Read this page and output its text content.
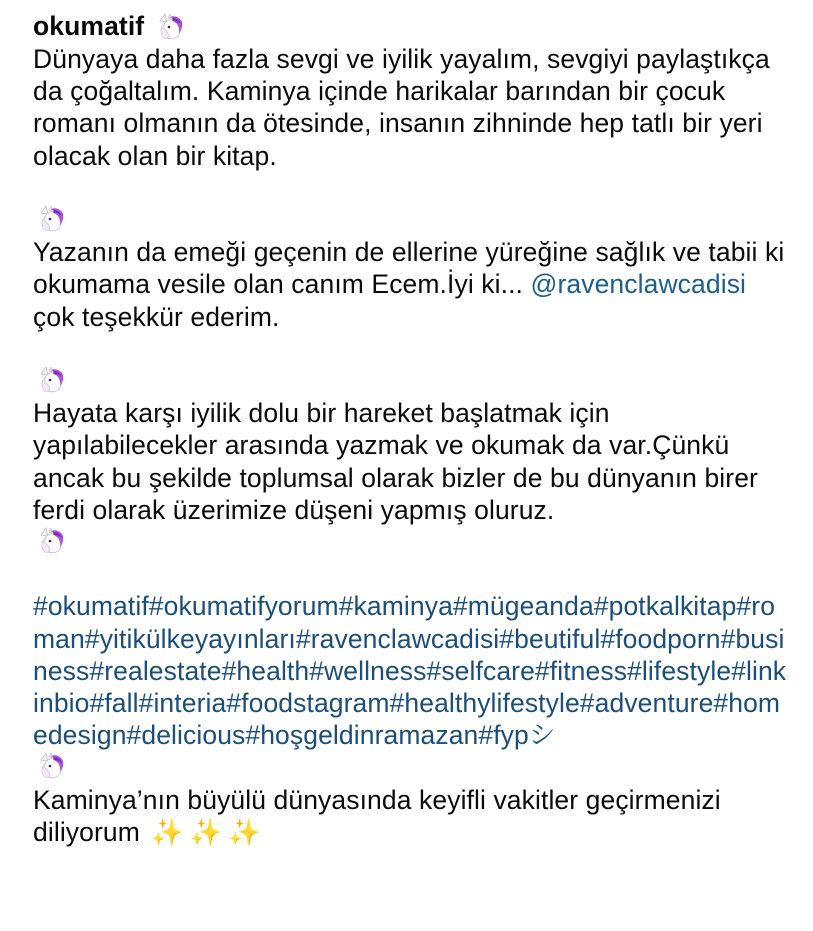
okumatif

Dünyaya daha fazla sevgi ve iyilik yayalım, sevgiyi paylaştıkça da çoğaltalım. Kaminya içinde harikalar barından bir çocuk romanı olmanın da ötesinde, insanın zihninde hep tatlı bir yeri olacak olan bir kitap.

Yazanın da emeği geçenin de ellerine yüreğine sağlık ve tabii ki okumama vesile olan canım Ecem.İyi ki... @ravenclawcadisi çok teşekkür ederim.

Hayata karşı iyilik dolu bir hareket başlatmak için yapılabilecekler arasında yazmak ve okumak da var.Çünkü ancak bu şekilde toplumsal olarak bizler de bu dünyanın birer ferdi olarak üzerimize düşeni yapmış oluruz.

#okumatif#okumatifyorum#kaminya#mügeanda#potkalkitap#roman#yitikülkeyayınları#ravenclawcadisi#beutiful#foodporn#business#realestate#health#wellness#selfcare#fitness#lifestyle#linkinbio#fall#interia#foodstagram#healthylifestyle#adventure#homedesign#delicious#hoşgeldinramazan#fypシ

Kaminya’nın büyülü dünyasında keyifli vakitler geçirmenizi diliyorum ✨✨✨
